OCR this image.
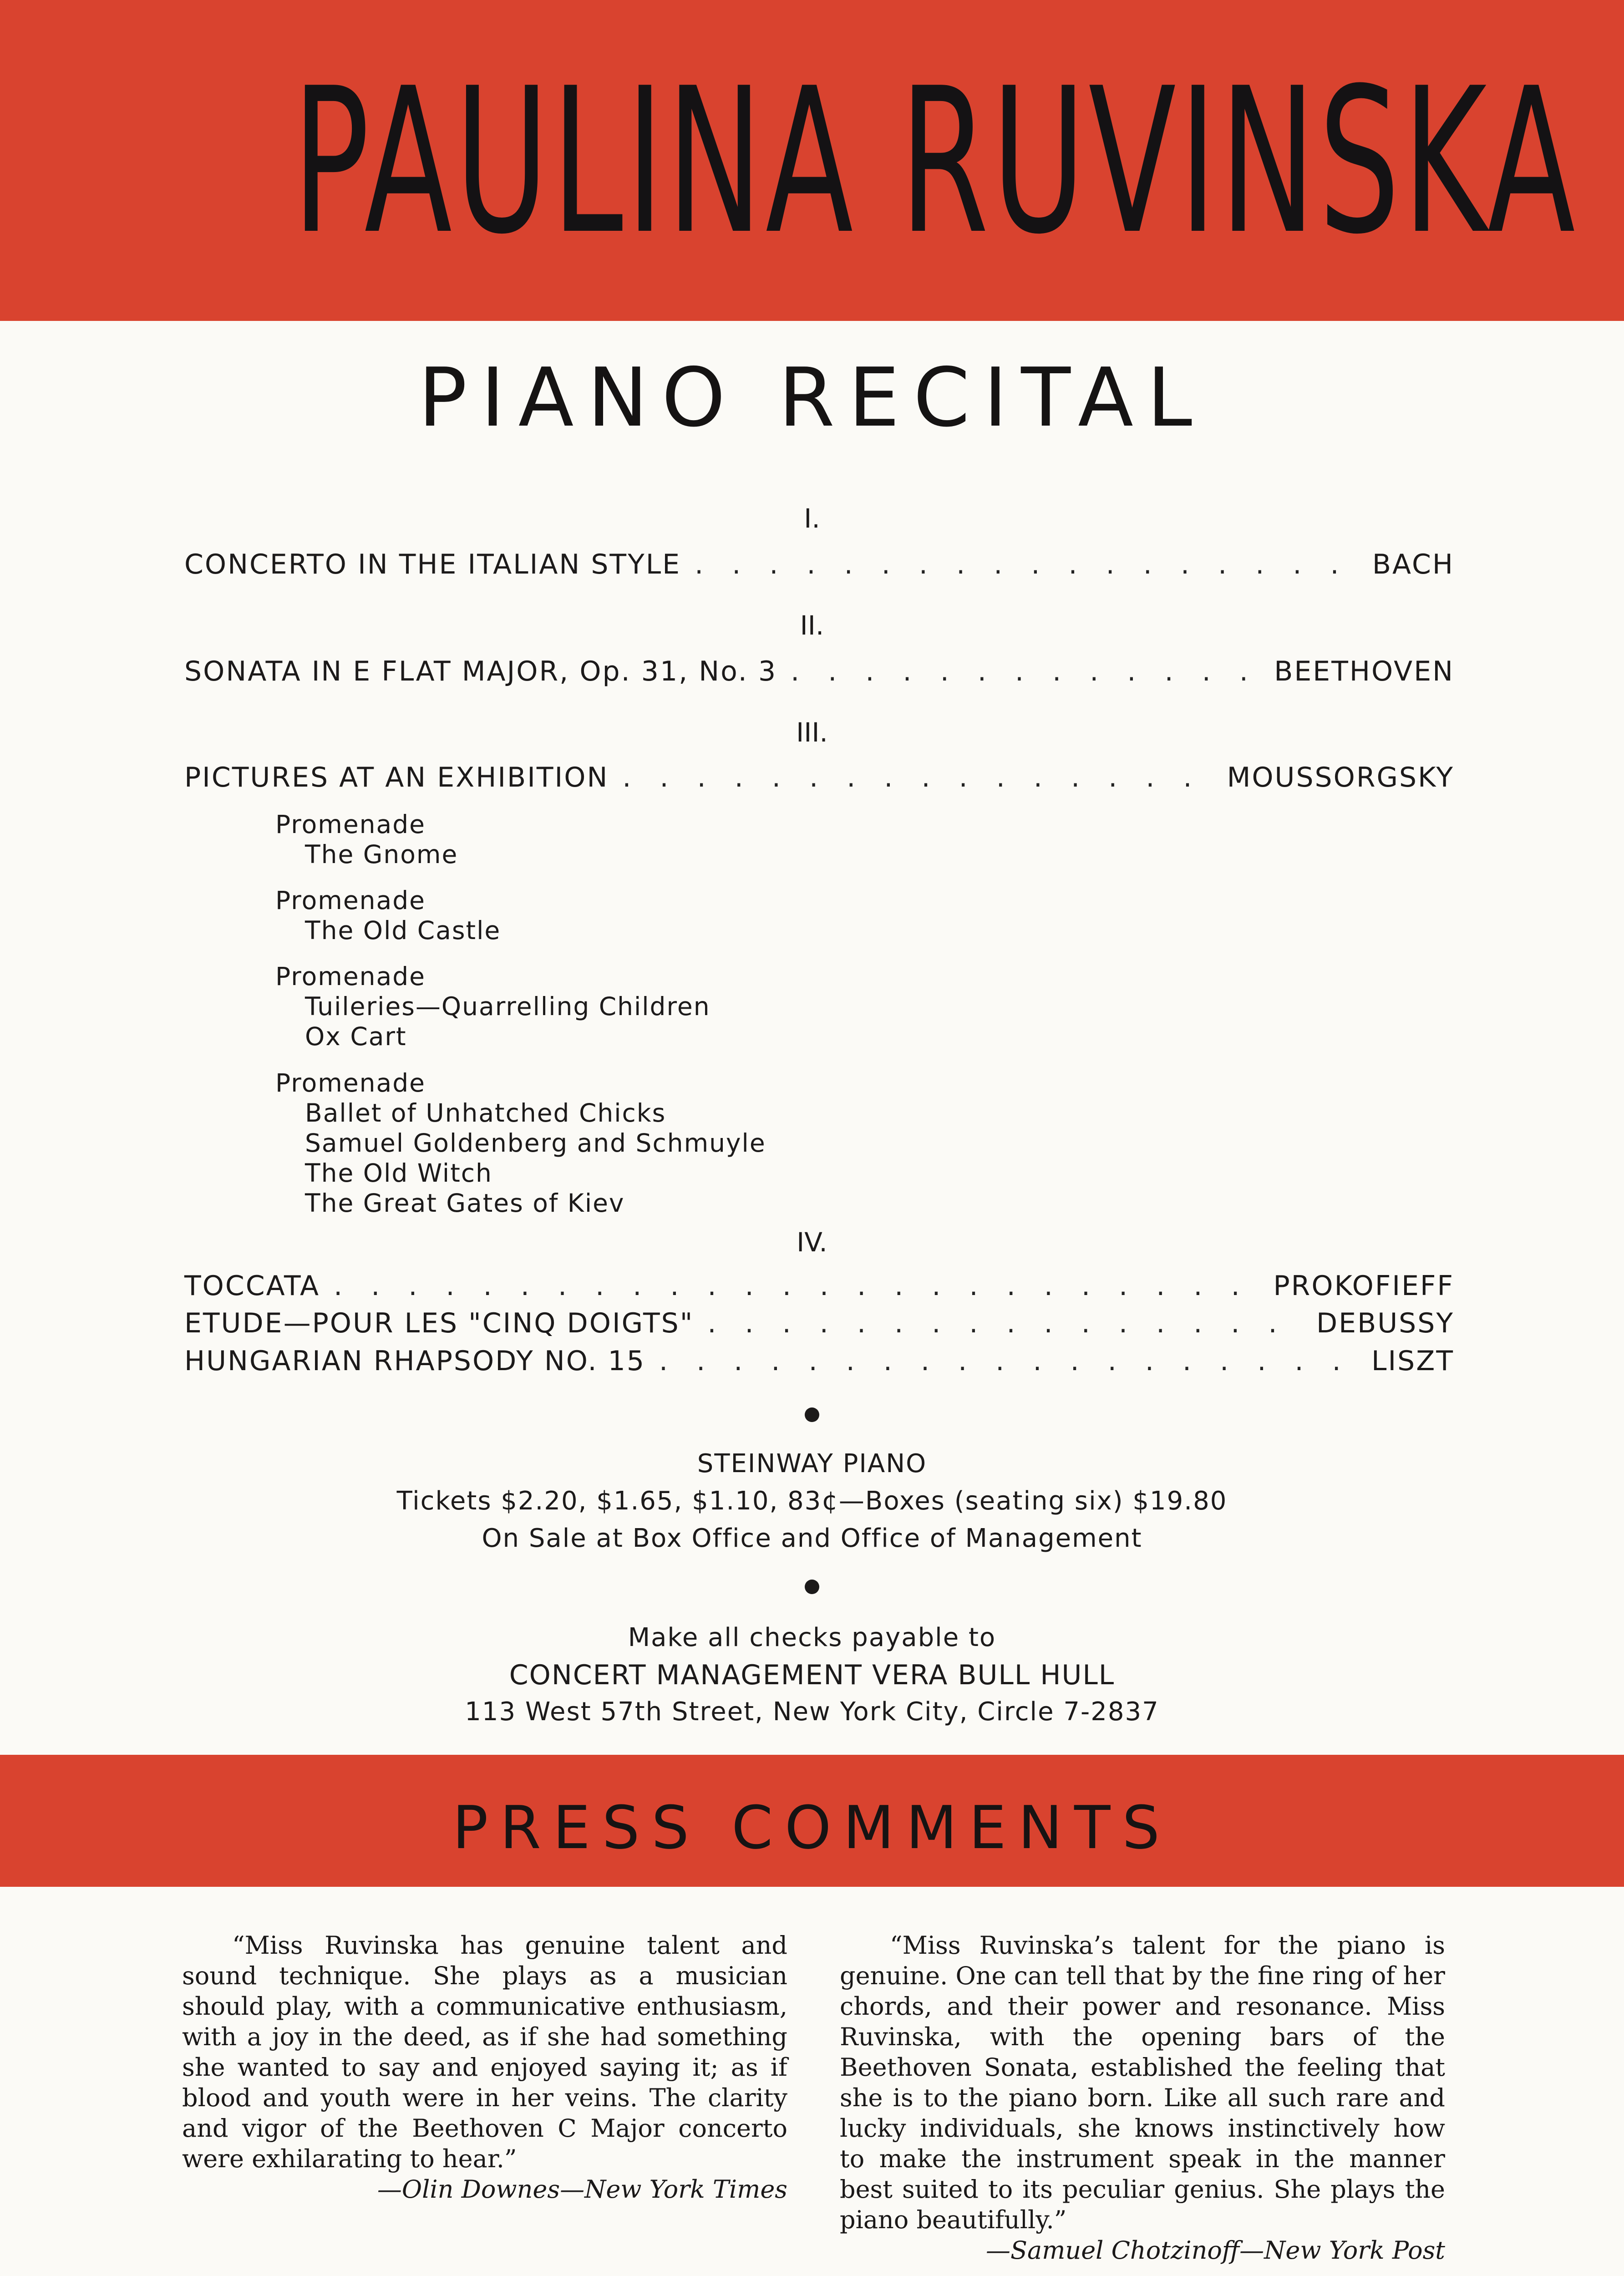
PAULINA RUVINSKA
PIANO RECITAL
I.
CONCERTO IN THE ITALIAN STYLE . . .	BACH
II.
SONATA IN E FLAT MAJOR, Op. 31, No. 3 . . .	BEETHOVEN
III.
PICTURES AT AN EXHIBITION . . .	MOUSSORGSKY
Promenade
The Gnome
Promenade
The Old Castle
Promenade
Tuileries—Quarrelling Children
Ox Cart
Promenade
Ballet of Unhatched Chicks
Samuel Goldenberg and Schmuyle
The Old Witch
The Great Gates of Kiev
IV.
TOCCATA . . .	PROKOFIEFF
ETUDE—POUR LES "CINQ DOIGTS" . . .	DEBUSSY
HUNGARIAN RHAPSODY NO. 15 . . .	LISZT
STEINWAY PIANO
Tickets $2.20, $1.65, $1.10, 83¢—Boxes (seating six) $19.80
On Sale at Box Office and Office of Management
Make all checks payable to
CONCERT MANAGEMENT VERA BULL HULL
113 West 57th Street, New York City, Circle 7-2837
PRESS COMMENTS
“Miss Ruvinska has genuine talent and sound technique. She plays as a musician should play, with a communicative enthusiasm, with a joy in the deed, as if she had something she wanted to say and enjoyed saying it; as if blood and youth were in her veins. The clarity and vigor of the Beethoven C Major concerto were exhilarating to hear.”
—Olin Downes—New York Times
“Miss Ruvinska’s talent for the piano is genuine. One can tell that by the fine ring of her chords, and their power and resonance. Miss Ruvinska, with the opening bars of the Beethoven Sonata, established the feeling that she is to the piano born. Like all such rare and lucky individuals, she knows instinctively how to make the instrument speak in the manner best suited to its peculiar genius. She plays the piano beautifully.”
—Samuel Chotzinoff—New York Post
